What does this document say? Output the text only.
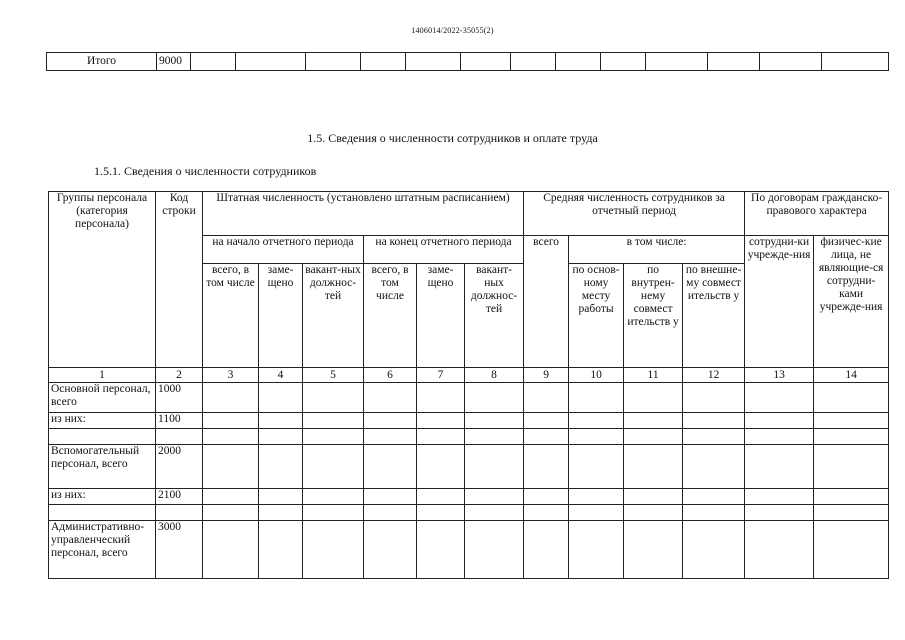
1406014/2022-35055(2)
Итого	9000													
1.5. Сведения о численности сотрудников и оплате труда
1.5.1. Сведения о численности сотрудников
Группы персонала (категория персонала)	Код строки	Штатная численность (установлено штатным расписанием)						Средняя численность сотрудников за отчетный период				По договорам гражданско-правового характера	
		на начало отчетного периода			на конец отчетного периода			всего	в том числе:			сотрудни-ки учрежде-ния	физичес-кие лица, не являющие-ся сотрудни-ками учрежде-ния
		всего, в том числе	заме-щено	вакант-ных должнос-тей	всего, в том числе	заме-щено	вакант-ных должнос-тей		по основ-ному месту работы	по внутрен-нему совмест ительств у	по внешне-му совмест ительств у		
1	2	3	4	5	6	7	8	9	10	11	12	13	14
Основной персонал, всего	1000												
из них:	1100												

Вспомогательный персонал, всего	2000												
из них:	2100												

Административно-управленческий персонал, всего	3000												
